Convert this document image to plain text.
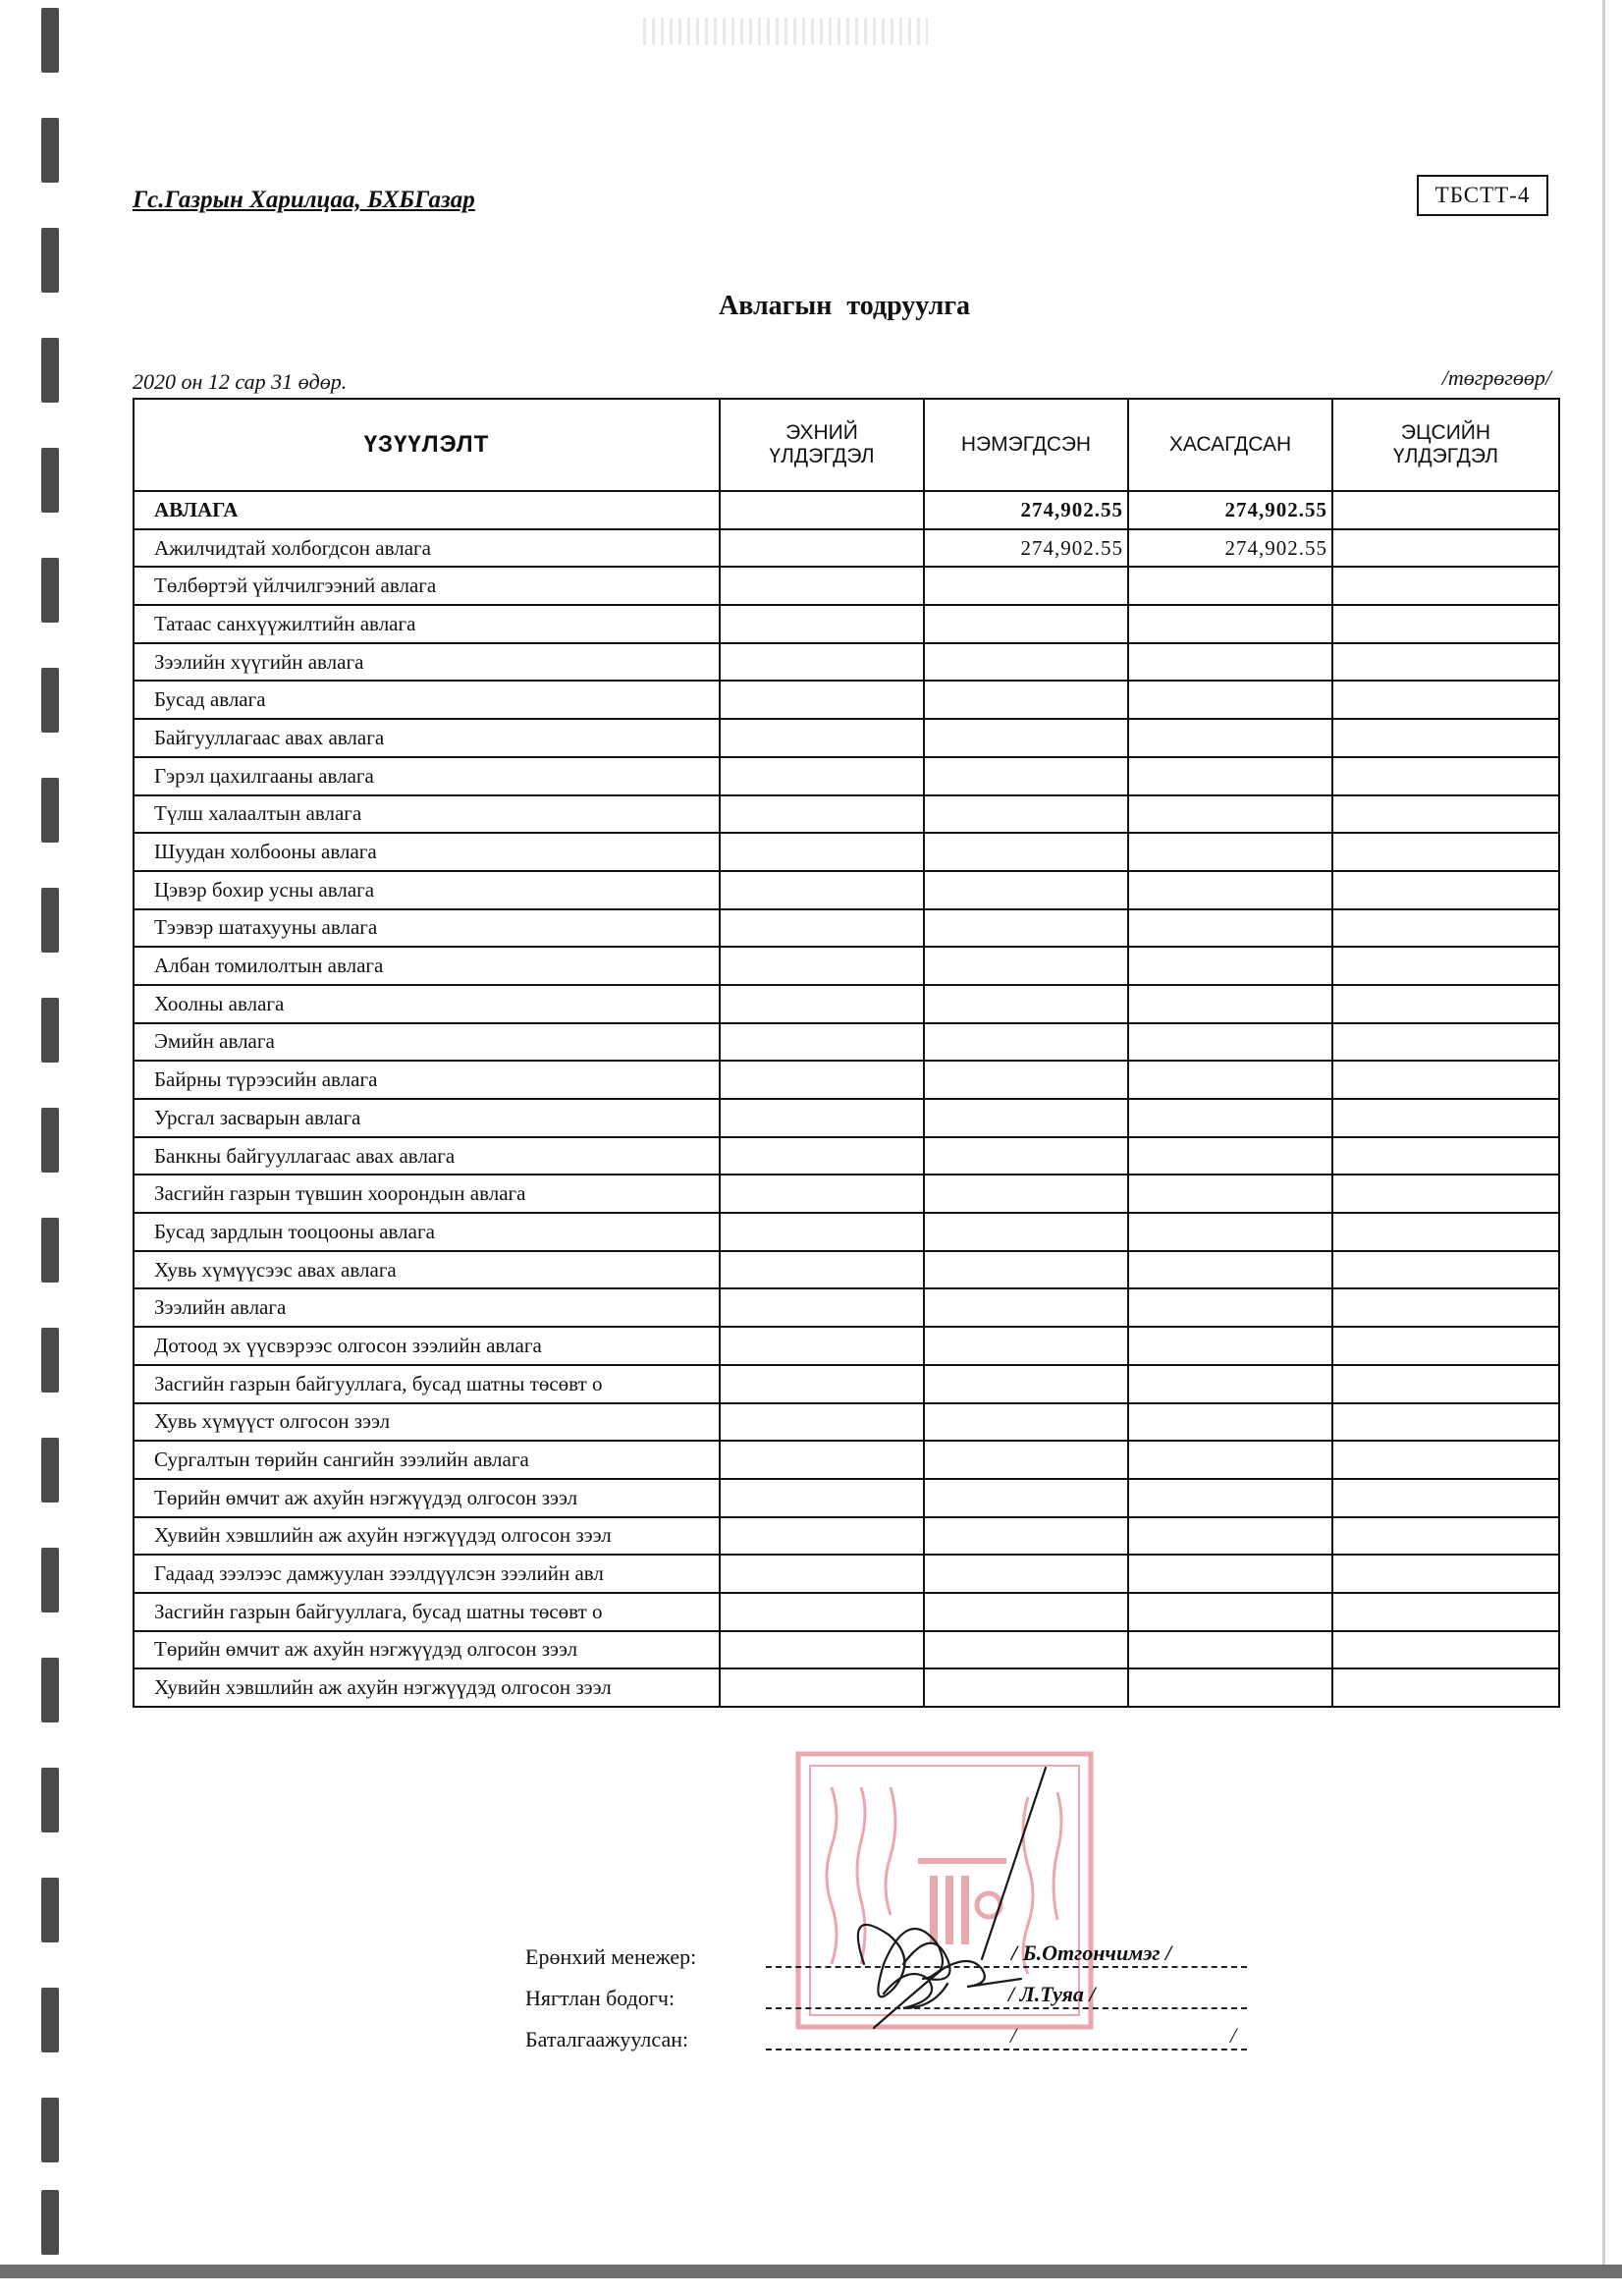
Гс.Газрын Харилцаа, БХБГазар	ТБСТТ-4
Авлагын тодруулга
2020 он 12 сар 31 өдөр.	/төгрөгөөр/
ҮЗҮҮЛЭЛТ	ЭХНИЙ
ҮЛДЭГДЭЛ	НЭМЭГДСЭН	ХАСАГДСАН	ЭЦСИЙН
ҮЛДЭГДЭЛ
АВЛАГА		274,902.55	274,902.55	
Ажилчидтай холбогдсон авлага		274,902.55	274,902.55	
Төлбөртэй үйлчилгээний авлага				
Татаас санхүүжилтийн авлага				
Зээлийн хүүгийн авлага				
Бусад авлага				
Байгууллагаас авах авлага				
Гэрэл цахилгааны авлага				
Түлш халаалтын авлага				
Шуудан холбооны авлага				
Цэвэр бохир усны авлага				
Тээвэр шатахууны авлага				
Албан томилолтын авлага				
Хоолны авлага				
Эмийн авлага				
Байрны түрээсийн авлага				
Урсгал засварын авлага				
Банкны байгууллагаас авах авлага				
Засгийн газрын түвшин хоорондын авлага				
Бусад зардлын тооцооны авлага				
Хувь хүмүүсээс авах авлага				
Зээлийн авлага				
Дотоод эх үүсвэрээс олгосон зээлийн авлага				
Засгийн газрын байгууллага, бусад шатны төсөвт о				
Хувь хүмүүст олгосон зээл				
Сургалтын төрийн сангийн зээлийн авлага				
Төрийн өмчит аж ахуйн нэгжүүдэд олгосон зээл				
Хувийн хэвшлийн аж ахуйн нэгжүүдэд олгосон зээл				
Гадаад зээлээс дамжуулан зээлдүүлсэн зээлийн авл				
Засгийн газрын байгууллага, бусад шатны төсөвт о				
Төрийн өмчит аж ахуйн нэгжүүдэд олгосон зээл				
Хувийн хэвшлийн аж ахуйн нэгжүүдэд олгосон зээл				
Ерөнхий менежер:	/ Б.Отгончимэг /
Нягтлан бодогч:	/ Л.Туяа /
Баталгаажуулсан:	/	/
